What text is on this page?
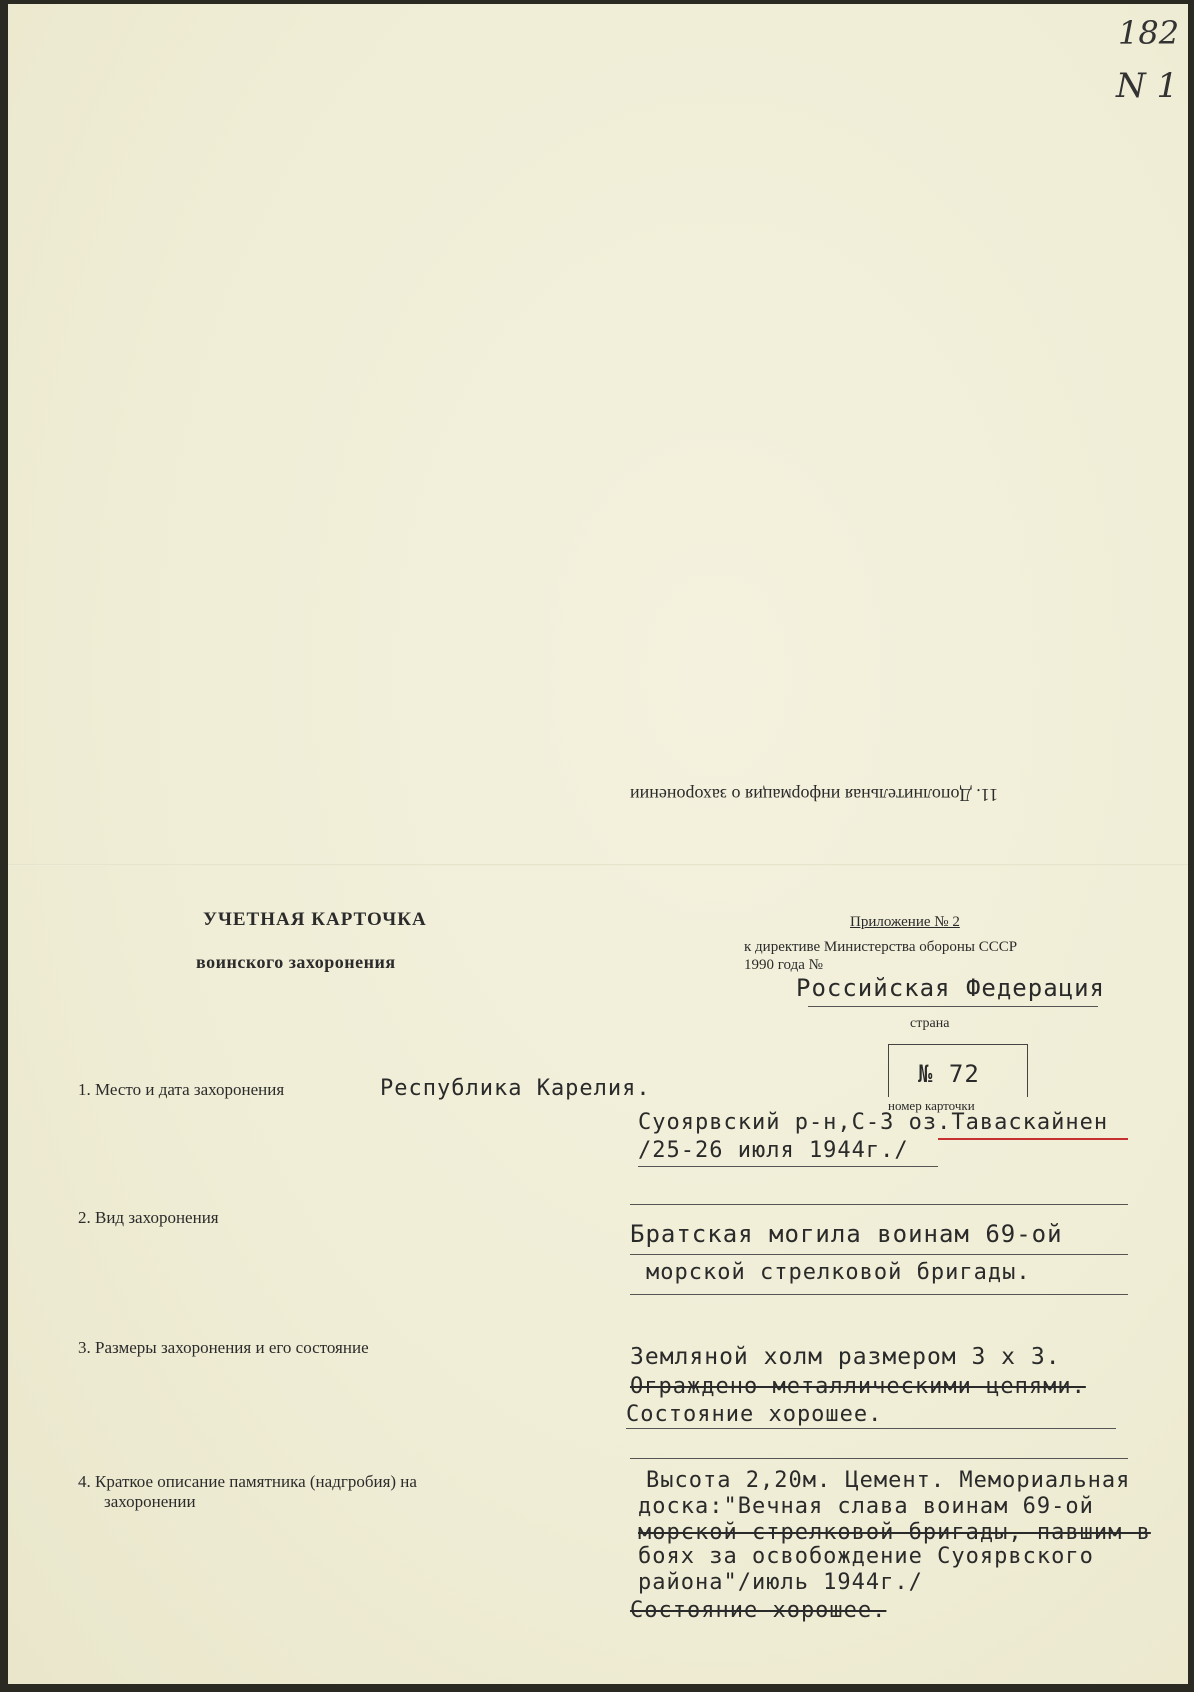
182
N 1
11. Дополнительная информация о захоронении
УЧЕТНАЯ КАРТОЧКА
воинского захоронения
Приложение № 2
к директиве Министерства обороны СССР
1990 года №
Российская Федерация
страна
№ 72
номер карточки
1. Место и дата захоронения	Республика Карелия.
Суоярвский р-н,С-З оз.Таваскайнен
/25-26 июля 1944г./
2. Вид захоронения
Братская могила воинам 69-ой
морской стрелковой бригады.
3. Размеры захоронения и его состояние	Земляной холм размером 3 х 3.
Ограждено металлическими цепями.
Состояние хорошее.
4. Краткое описание памятника (надгробия) на
захоронении
Высота 2,20м. Цемент. Мемориальная
доска:"Вечная слава воинам 69-ой
морской стрелковой бригады, павшим в
боях за освобождение Суоярвского
района"/июль 1944г./
Состояние хорошее.
